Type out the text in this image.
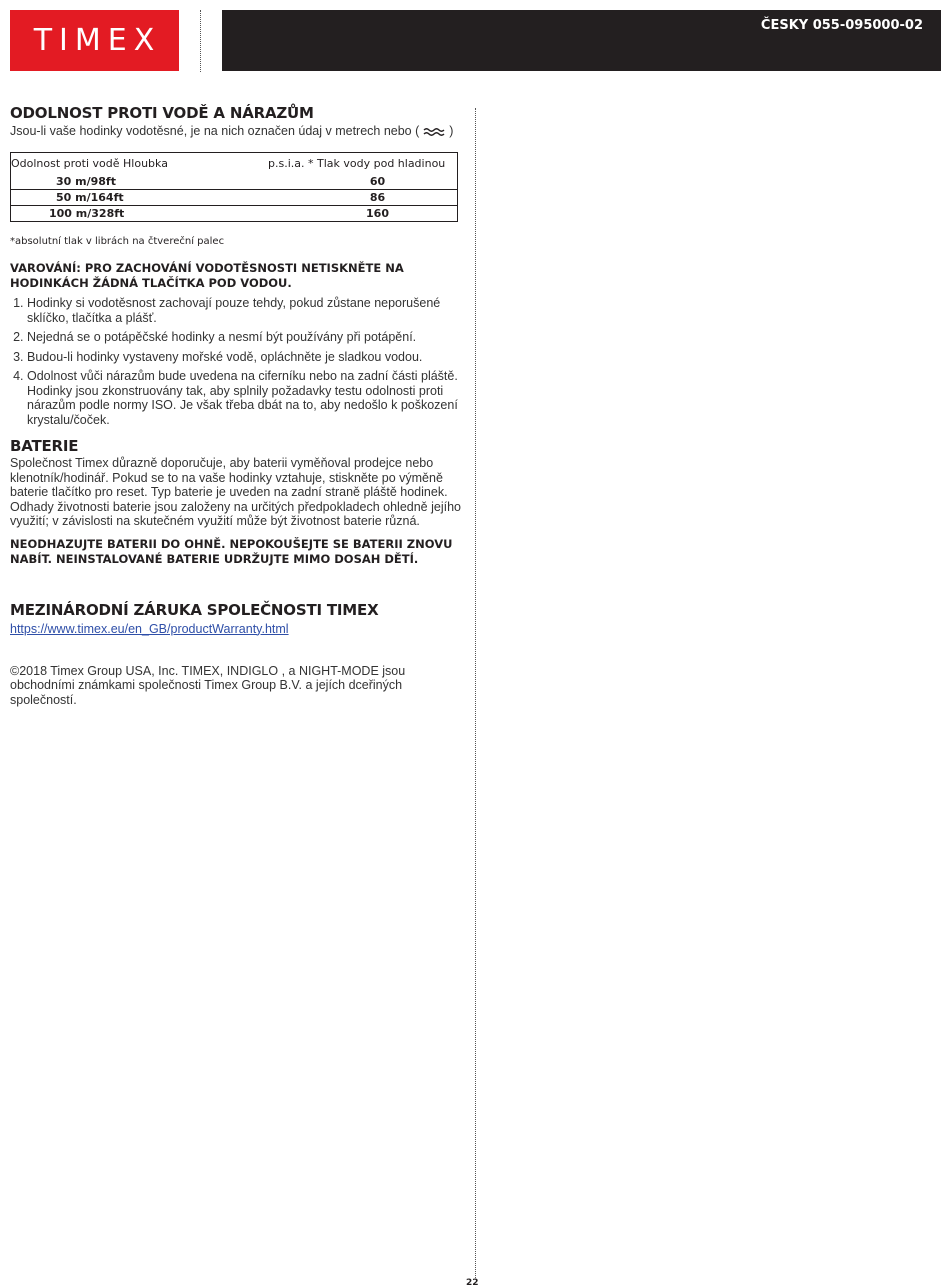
TIMEX	ČESKY 055-095000-02
ODOLNOST PROTI VODĚ A NÁRAZŮM

Jsou-li vaše hodinky vodotěsné, je na nich označen údaj v metrech nebo ( )

Odolnost proti vodě Hloubka	p.s.i.a. * Tlak vody pod hladinou
30 m/98ft	60
50 m/164ft	86
100 m/328ft	160

*absolutní tlak v librách na čtvereční palec

VAROVÁNÍ: PRO ZACHOVÁNÍ VODOTĚSNOSTI NETISKNĚTE NA HODINKÁCH ŽÁDNÁ TLAČÍTKA POD VODOU.

1. Hodinky si vodotěsnost zachovají pouze tehdy, pokud zůstane neporušené sklíčko, tlačítka a plášť.
2. Nejedná se o potápěčské hodinky a nesmí být používány při potápění.
3. Budou-li hodinky vystaveny mořské vodě, opláchněte je sladkou vodou.
4. Odolnost vůči nárazům bude uvedena na ciferníku nebo na zadní části pláště. Hodinky jsou zkonstruovány tak, aby splnily požadavky testu odolnosti proti nárazům podle normy ISO. Je však třeba dbát na to, aby nedošlo k poškození krystalu/čoček.
BATERIE

Společnost Timex důrazně doporučuje, aby baterii vyměňoval prodejce nebo klenotník/hodinář. Pokud se to na vaše hodinky vztahuje, stiskněte po výměně baterie tlačítko pro reset. Typ baterie je uveden na zadní straně pláště hodinek. Odhady životnosti baterie jsou založeny na určitých předpokladech ohledně jejího využití; v závislosti na skutečném využití může být životnost baterie různá.

NEODHAZUJTE BATERII DO OHNĚ. NEPOKOUŠEJTE SE BATERII ZNOVU NABÍT. NEINSTALOVANÉ BATERIE UDRŽUJTE MIMO DOSAH DĚTÍ.

MEZINÁRODNÍ ZÁRUKA SPOLEČNOSTI TIMEX
https://www.timex.eu/en_GB/productWarranty.html

©2018 Timex Group USA, Inc. TIMEX, INDIGLO , a NIGHT-MODE jsou obchodními známkami společnosti Timex Group B.V. a jejích dceřiných společností.

22
